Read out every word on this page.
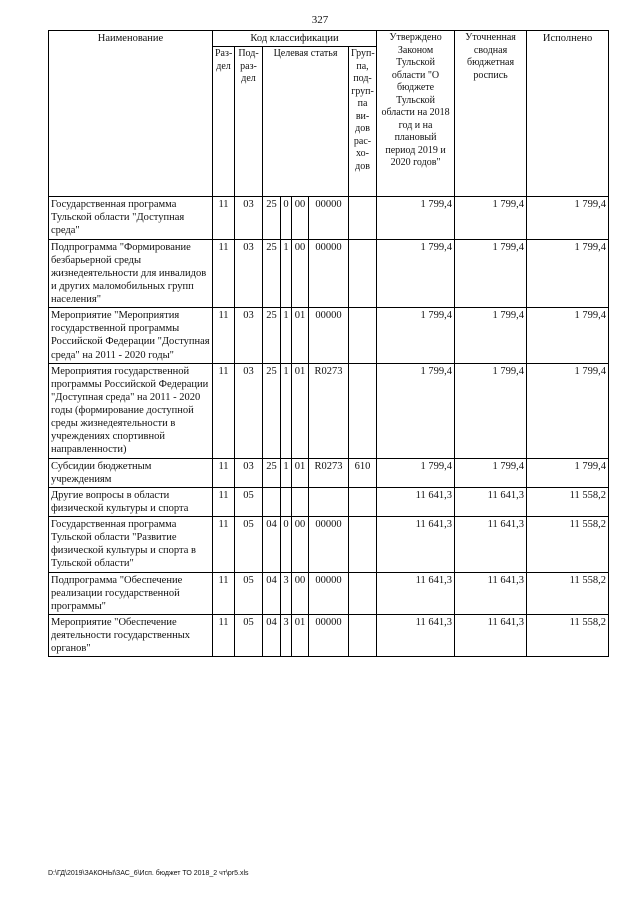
327
Наименование	Код классификации							Утверждено Законом Тульской области "О бюджете Тульской области на 2018 год и на плановый период 2019 и 2020 годов"	Уточненная сводная бюджетная роспись	Исполнено
	Раз-дел	Под-раз-дел	Целевая статья				Груп-па, под-груп-па ви-дов рас-хо-дов			
Государственная программа Тульской области "Доступная среда"	11	03	25	0	00	00000		1 799,4	1 799,4	1 799,4
Подпрограмма "Формирование безбарьерной среды жизнедеятельности для инвалидов и других маломобильных групп населения"	11	03	25	1	00	00000		1 799,4	1 799,4	1 799,4
Мероприятие "Мероприятия государственной программы Российской Федерации "Доступная среда" на 2011 - 2020 годы"	11	03	25	1	01	00000		1 799,4	1 799,4	1 799,4
Мероприятия государственной программы Российской Федерации "Доступная среда" на 2011 - 2020 годы (формирование доступной среды жизнедеятельности в учреждениях спортивной направленности)	11	03	25	1	01	R0273		1 799,4	1 799,4	1 799,4
Субсидии бюджетным учреждениям	11	03	25	1	01	R0273	610	1 799,4	1 799,4	1 799,4
Другие вопросы в области физической культуры и спорта	11	05						11 641,3	11 641,3	11 558,2
Государственная программа Тульской области "Развитие физической культуры и спорта в Тульской области"	11	05	04	0	00	00000		11 641,3	11 641,3	11 558,2
Подпрограмма "Обеспечение реализации государственной программы"	11	05	04	3	00	00000		11 641,3	11 641,3	11 558,2
Мероприятие "Обеспечение деятельности государственных органов"	11	05	04	3	01	00000		11 641,3	11 641,3	11 558,2
D:\ГД\2019\ЗАКОНЫ\ЗАС_6\Исп. бюджет ТО 2018_2 чт\pr5.xls
